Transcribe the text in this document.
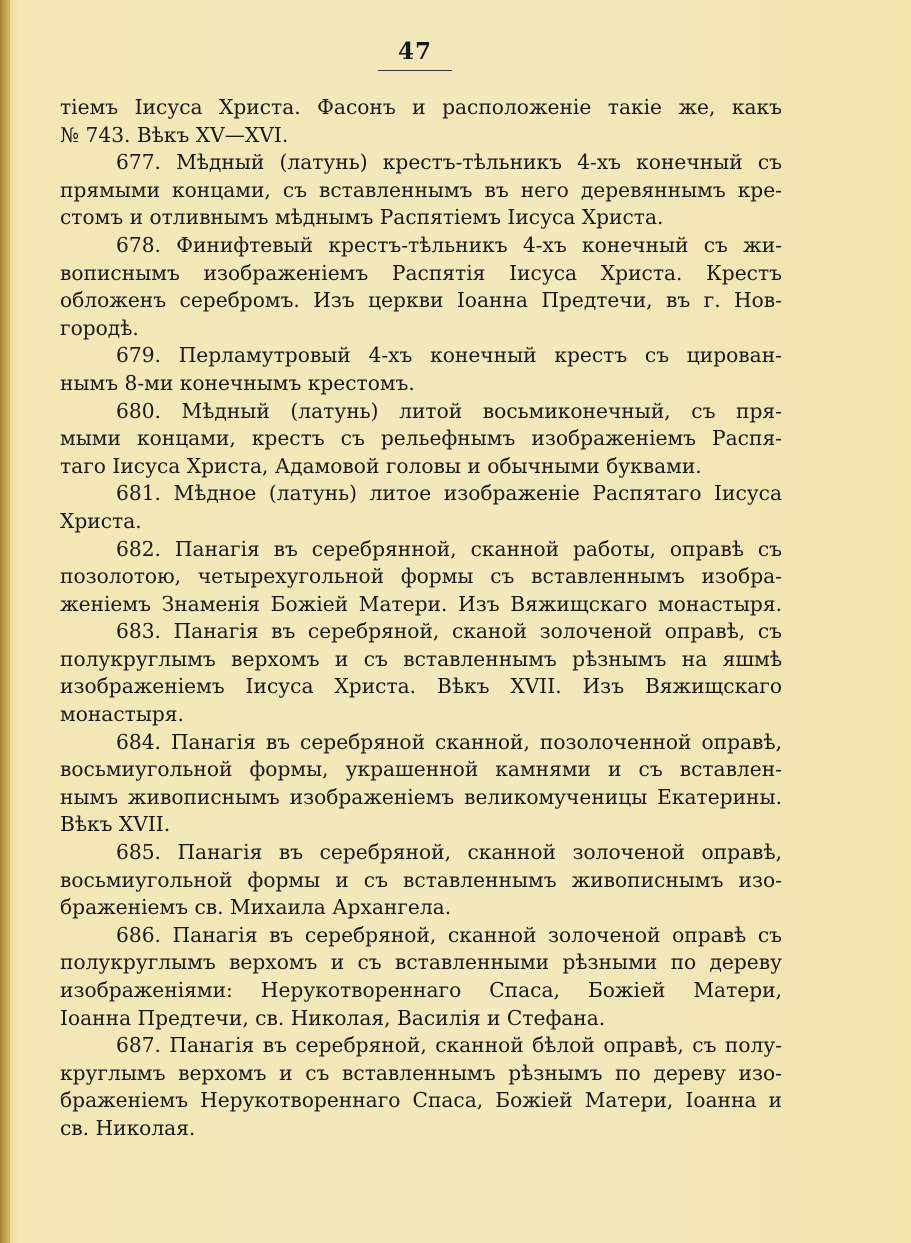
47
тіемъ Іисуса Христа. Фасонъ и расположеніе такіе же, какъ
№ 743. Вѣкъ XV—XVI.
677. Мѣдный (латунь) крестъ-тѣльникъ 4-хъ конечный съ
прямыми концами, съ вставленнымъ въ него деревяннымъ кре-
стомъ и отливнымъ мѣднымъ Распятіемъ Іисуса Христа.
678. Финифтевый крестъ-тѣльникъ 4-хъ конечный съ жи-
вописнымъ изображеніемъ Распятія Іисуса Христа. Крестъ
обложенъ серебромъ. Изъ церкви Іоанна Предтечи, въ г. Нов-
городѣ.
679. Перламутровый 4-хъ конечный крестъ съ цирован-
нымъ 8-ми конечнымъ крестомъ.
680. Мѣдный (латунь) литой восьмиконечный, съ пря-
мыми концами, крестъ съ рельефнымъ изображеніемъ Распя-
таго Іисуса Христа, Адамовой головы и обычными буквами.
681. Мѣдное (латунь) литое изображеніе Распятаго Іисуса
Христа.
682. Панагія въ серебрянной, сканной работы, оправѣ съ
позолотою, четырехугольной формы съ вставленнымъ изобра-
женіемъ Знаменія Божіей Матери. Изъ Вяжищскаго монастыря.
683. Панагія въ серебряной, сканой золоченой оправѣ, съ
полукруглымъ верхомъ и съ вставленнымъ рѣзнымъ на яшмѣ
изображеніемъ Іисуса Христа. Вѣкъ XVII. Изъ Вяжищскаго
монастыря.
684. Панагія въ серебряной сканной, позолоченной оправѣ,
восьмиугольной формы, украшенной камнями и съ вставлен-
нымъ живописнымъ изображеніемъ великомученицы Екатерины.
Вѣкъ XVII.
685. Панагія въ серебряной, сканной золоченой оправѣ,
восьмиугольной формы и съ вставленнымъ живописнымъ изо-
браженіемъ св. Михаила Архангела.
686. Панагія въ серебряной, сканной золоченой оправѣ съ
полукруглымъ верхомъ и съ вставленными рѣзными по дереву
изображеніями: Нерукотвореннаго Спаса, Божіей Матери,
Іоанна Предтечи, св. Николая, Василія и Стефана.
687. Панагія въ серебряной, сканной бѣлой оправѣ, съ полу-
круглымъ верхомъ и съ вставленнымъ рѣзнымъ по дереву изо-
браженіемъ Нерукотвореннаго Спаса, Божіей Матери, Іоанна и
св. Николая.
